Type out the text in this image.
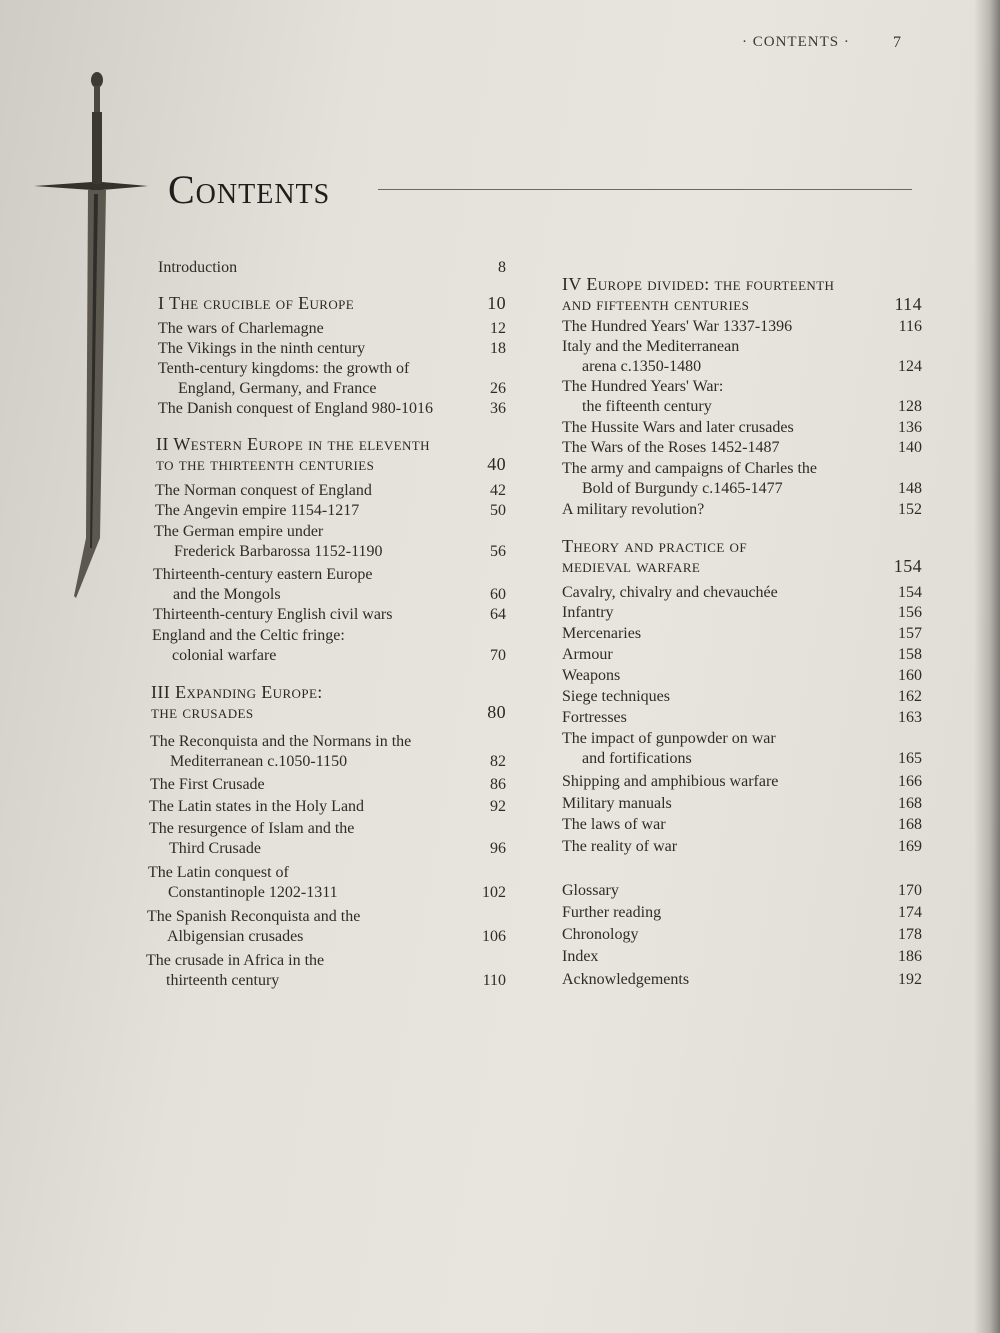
· CONTENTS ·	7
Contents
Introduction	8
I The crucible of Europe	10
The wars of Charlemagne	12
The Vikings in the ninth century	18
Tenth-century kingdoms: the growth of
England, Germany, and France	26
The Danish conquest of England 980-1016	36
II Western Europe in the eleventh
to the thirteenth centuries	40
The Norman conquest of England	42
The Angevin empire 1154-1217	50
The German empire under
Frederick Barbarossa 1152-1190	56
Thirteenth-century eastern Europe
and the Mongols	60
Thirteenth-century English civil wars	64
England and the Celtic fringe:
colonial warfare	70
III Expanding Europe:
the crusades	80
The Reconquista and the Normans in the
Mediterranean c.1050-1150	82
The First Crusade	86
The Latin states in the Holy Land	92
The resurgence of Islam and the
Third Crusade	96
The Latin conquest of
Constantinople 1202-1311	102
The Spanish Reconquista and the
Albigensian crusades	106
The crusade in Africa in the
thirteenth century	110
IV Europe divided: the fourteenth
and fifteenth centuries	114
The Hundred Years' War 1337-1396	116
Italy and the Mediterranean
arena c.1350-1480	124
The Hundred Years' War:
the fifteenth century	128
The Hussite Wars and later crusades	136
The Wars of the Roses 1452-1487	140
The army and campaigns of Charles the
Bold of Burgundy c.1465-1477	148
A military revolution?	152
Theory and practice of
medieval warfare	154
Cavalry, chivalry and chevauchée	154
Infantry	156
Mercenaries	157
Armour	158
Weapons	160
Siege techniques	162
Fortresses	163
The impact of gunpowder on war
and fortifications	165
Shipping and amphibious warfare	166
Military manuals	168
The laws of war	168
The reality of war	169
Glossary	170
Further reading	174
Chronology	178
Index	186
Acknowledgements	192
